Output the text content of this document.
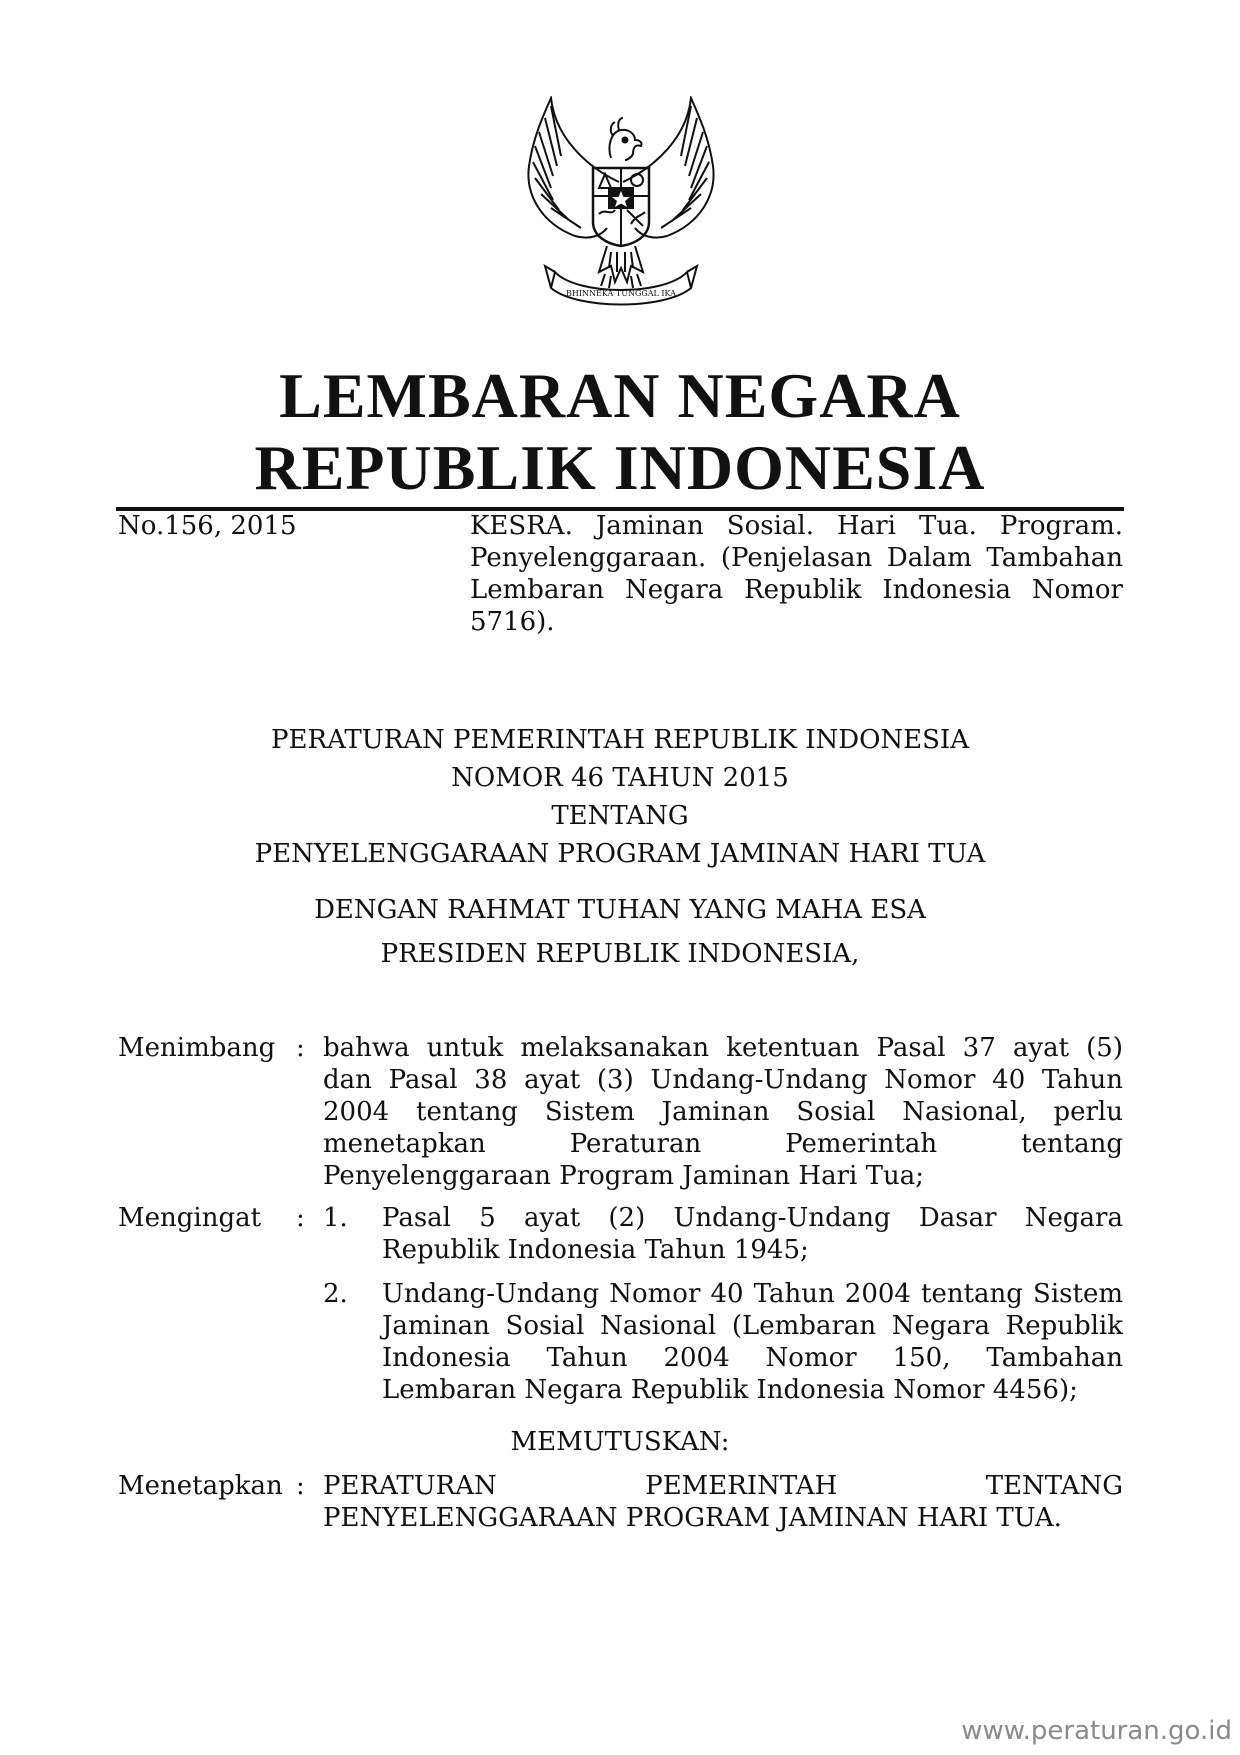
BHINNEKA TUNGGAL IKA
LEMBARAN NEGARA
REPUBLIK INDONESIA
No.156, 2015	KESRA. Jaminan Sosial. Hari Tua. Program.
Penyelenggaraan. (Penjelasan Dalam Tambahan
Lembaran Negara Republik Indonesia Nomor
5716).
PERATURAN PEMERINTAH REPUBLIK INDONESIA
NOMOR 46 TAHUN 2015
TENTANG
PENYELENGGARAAN PROGRAM JAMINAN HARI TUA
DENGAN RAHMAT TUHAN YANG MAHA ESA
PRESIDEN REPUBLIK INDONESIA,
Menimbang : bahwa untuk melaksanakan ketentuan Pasal 37 ayat (5)
dan Pasal 38 ayat (3) Undang-Undang Nomor 40 Tahun
2004 tentang Sistem Jaminan Sosial Nasional, perlu
menetapkan Peraturan Pemerintah tentang
Penyelenggaraan Program Jaminan Hari Tua;
Mengingat : 1. Pasal 5 ayat (2) Undang-Undang Dasar Negara
Republik Indonesia Tahun 1945;
2. Undang-Undang Nomor 40 Tahun 2004 tentang Sistem
Jaminan Sosial Nasional (Lembaran Negara Republik
Indonesia Tahun 2004 Nomor 150, Tambahan
Lembaran Negara Republik Indonesia Nomor 4456);
MEMUTUSKAN:
Menetapkan : PERATURAN PEMERINTAH TENTANG
PENYELENGGARAAN PROGRAM JAMINAN HARI TUA.
www.peraturan.go.id
